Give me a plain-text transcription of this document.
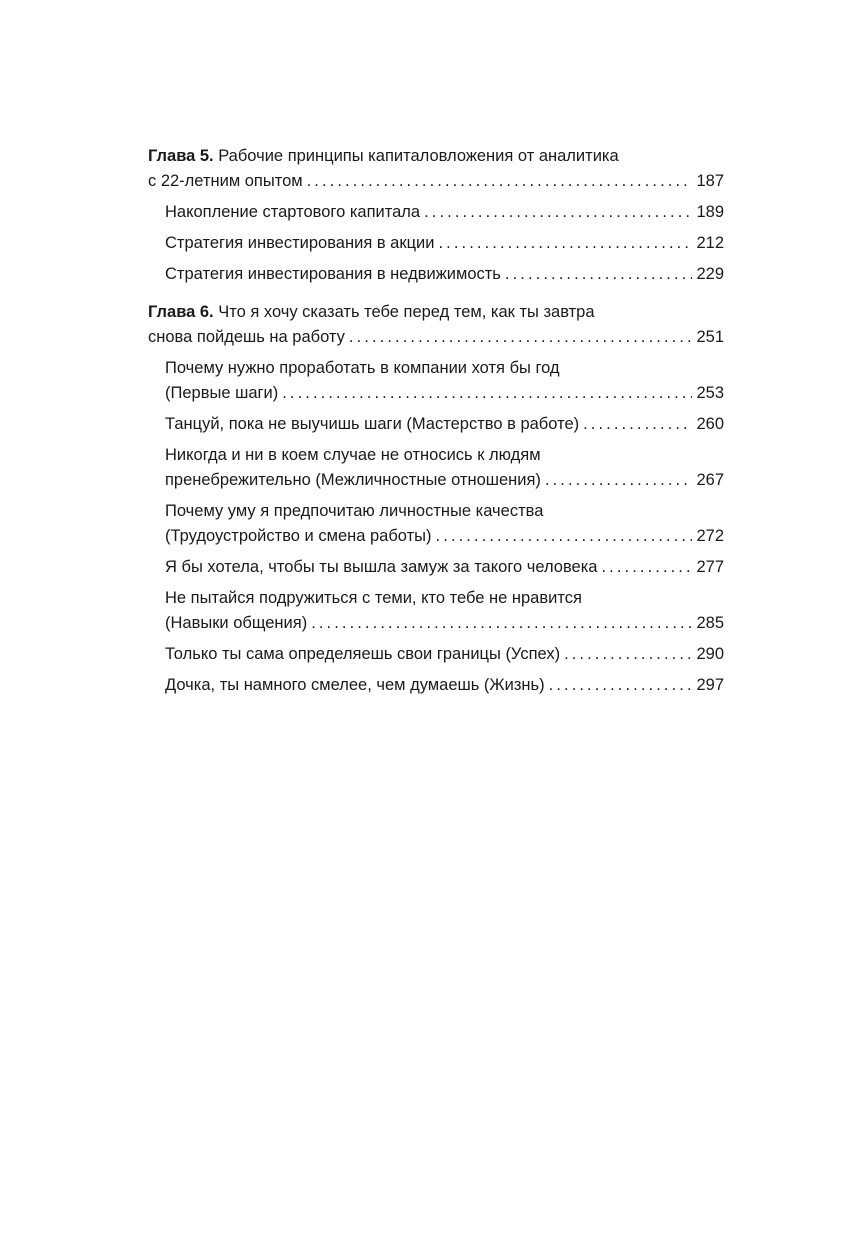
Глава 5. Рабочие принципы капиталовложения от аналитика
с 22-летним опытом .....	187
Накопление стартового капитала .....	189
Стратегия инвестирования в акции .....	212
Стратегия инвестирования в недвижимость .....	229
Глава 6. Что я хочу сказать тебе перед тем, как ты завтра
снова пойдешь на работу .....	251
Почему нужно проработать в компании хотя бы год
(Первые шаги) .....	253
Танцуй, пока не выучишь шаги (Мастерство в работе) .....	260
Никогда и ни в коем случае не относись к людям
пренебрежительно (Межличностные отношения) .....	267
Почему уму я предпочитаю личностные качества
(Трудоустройство и смена работы) .....	272
Я бы хотела, чтобы ты вышла замуж за такого человека .....	277
Не пытайся подружиться с теми, кто тебе не нравится
(Навыки общения) .....	285
Только ты сама определяешь свои границы (Успех) .....	290
Дочка, ты намного смелее, чем думаешь (Жизнь) .....	297
